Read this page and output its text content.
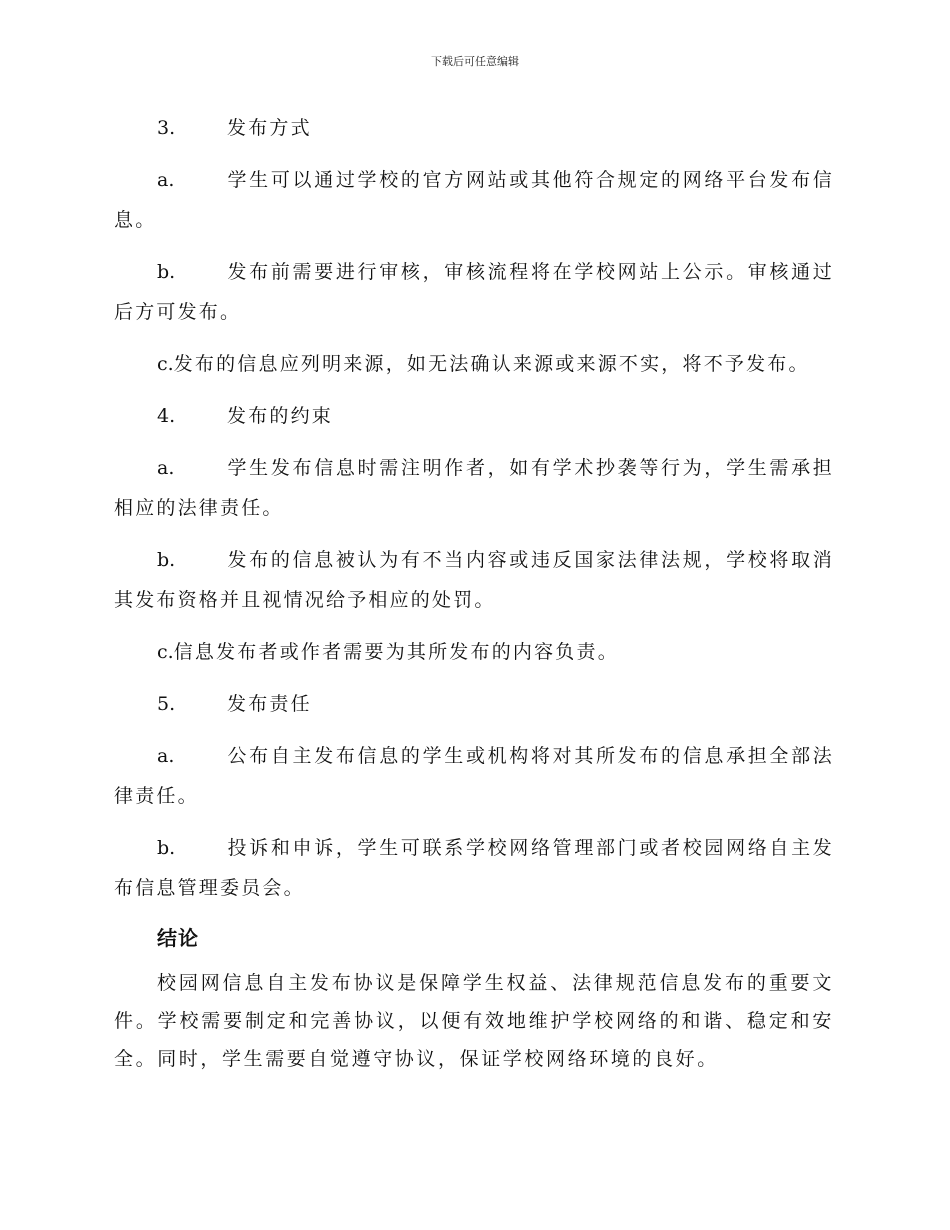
下载后可任意编辑

3.	发布方式

a.	学生可以通过学校的官方网站或其他符合规定的网络平台发布信息。

b.	发布前需要进行审核，审核流程将在学校网站上公示。审核通过后方可发布。

c.发布的信息应列明来源，如无法确认来源或来源不实，将不予发布。

4.	发布的约束

a.	学生发布信息时需注明作者，如有学术抄袭等行为，学生需承担相应的法律责任。

b.	发布的信息被认为有不当内容或违反国家法律法规，学校将取消其发布资格并且视情况给予相应的处罚。

c.信息发布者或作者需要为其所发布的内容负责。

5.	发布责任

a.	公布自主发布信息的学生或机构将对其所发布的信息承担全部法律责任。

b.	投诉和申诉，学生可联系学校网络管理部门或者校园网络自主发布信息管理委员会。

结论

校园网信息自主发布协议是保障学生权益、法律规范信息发布的重要文件。学校需要制定和完善协议，以便有效地维护学校网络的和谐、稳定和安全。同时，学生需要自觉遵守协议，保证学校网络环境的良好。
